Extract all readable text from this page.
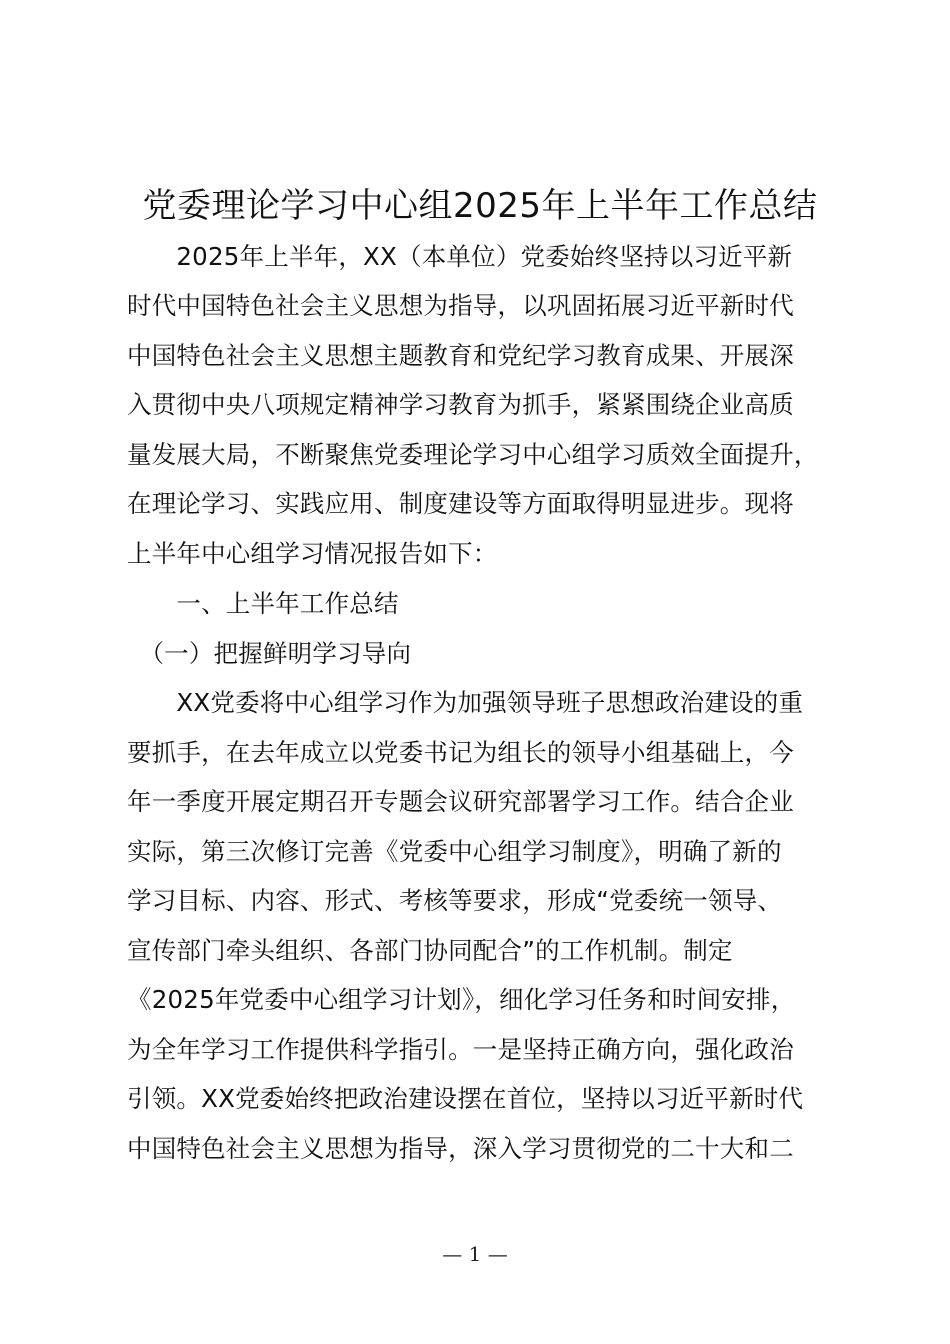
党委理论学习中心组2025年上半年工作总结
　　2025年上半年，XX（本单位）党委始终坚持以习近平新
时代中国特色社会主义思想为指导，以巩固拓展习近平新时代
中国特色社会主义思想主题教育和党纪学习教育成果、开展深
入贯彻中央八项规定精神学习教育为抓手，紧紧围绕企业高质
量发展大局，不断聚焦党委理论学习中心组学习质效全面提升，
在理论学习、实践应用、制度建设等方面取得明显进步。现将
上半年中心组学习情况报告如下：
　　一、上半年工作总结
　（一）把握鲜明学习导向
　　XX党委将中心组学习作为加强领导班子思想政治建设的重
要抓手，在去年成立以党委书记为组长的领导小组基础上，今
年一季度开展定期召开专题会议研究部署学习工作。结合企业
实际，第三次修订完善《党委中心组学习制度》，明确了新的
学习目标、内容、形式、考核等要求，形成“党委统一领导、
宣传部门牵头组织、各部门协同配合”的工作机制。制定
《2025年党委中心组学习计划》，细化学习任务和时间安排，
为全年学习工作提供科学指引。一是坚持正确方向，强化政治
引领。XX党委始终把政治建设摆在首位，坚持以习近平新时代
中国特色社会主义思想为指导，深入学习贯彻党的二十大和二
— 1 —
